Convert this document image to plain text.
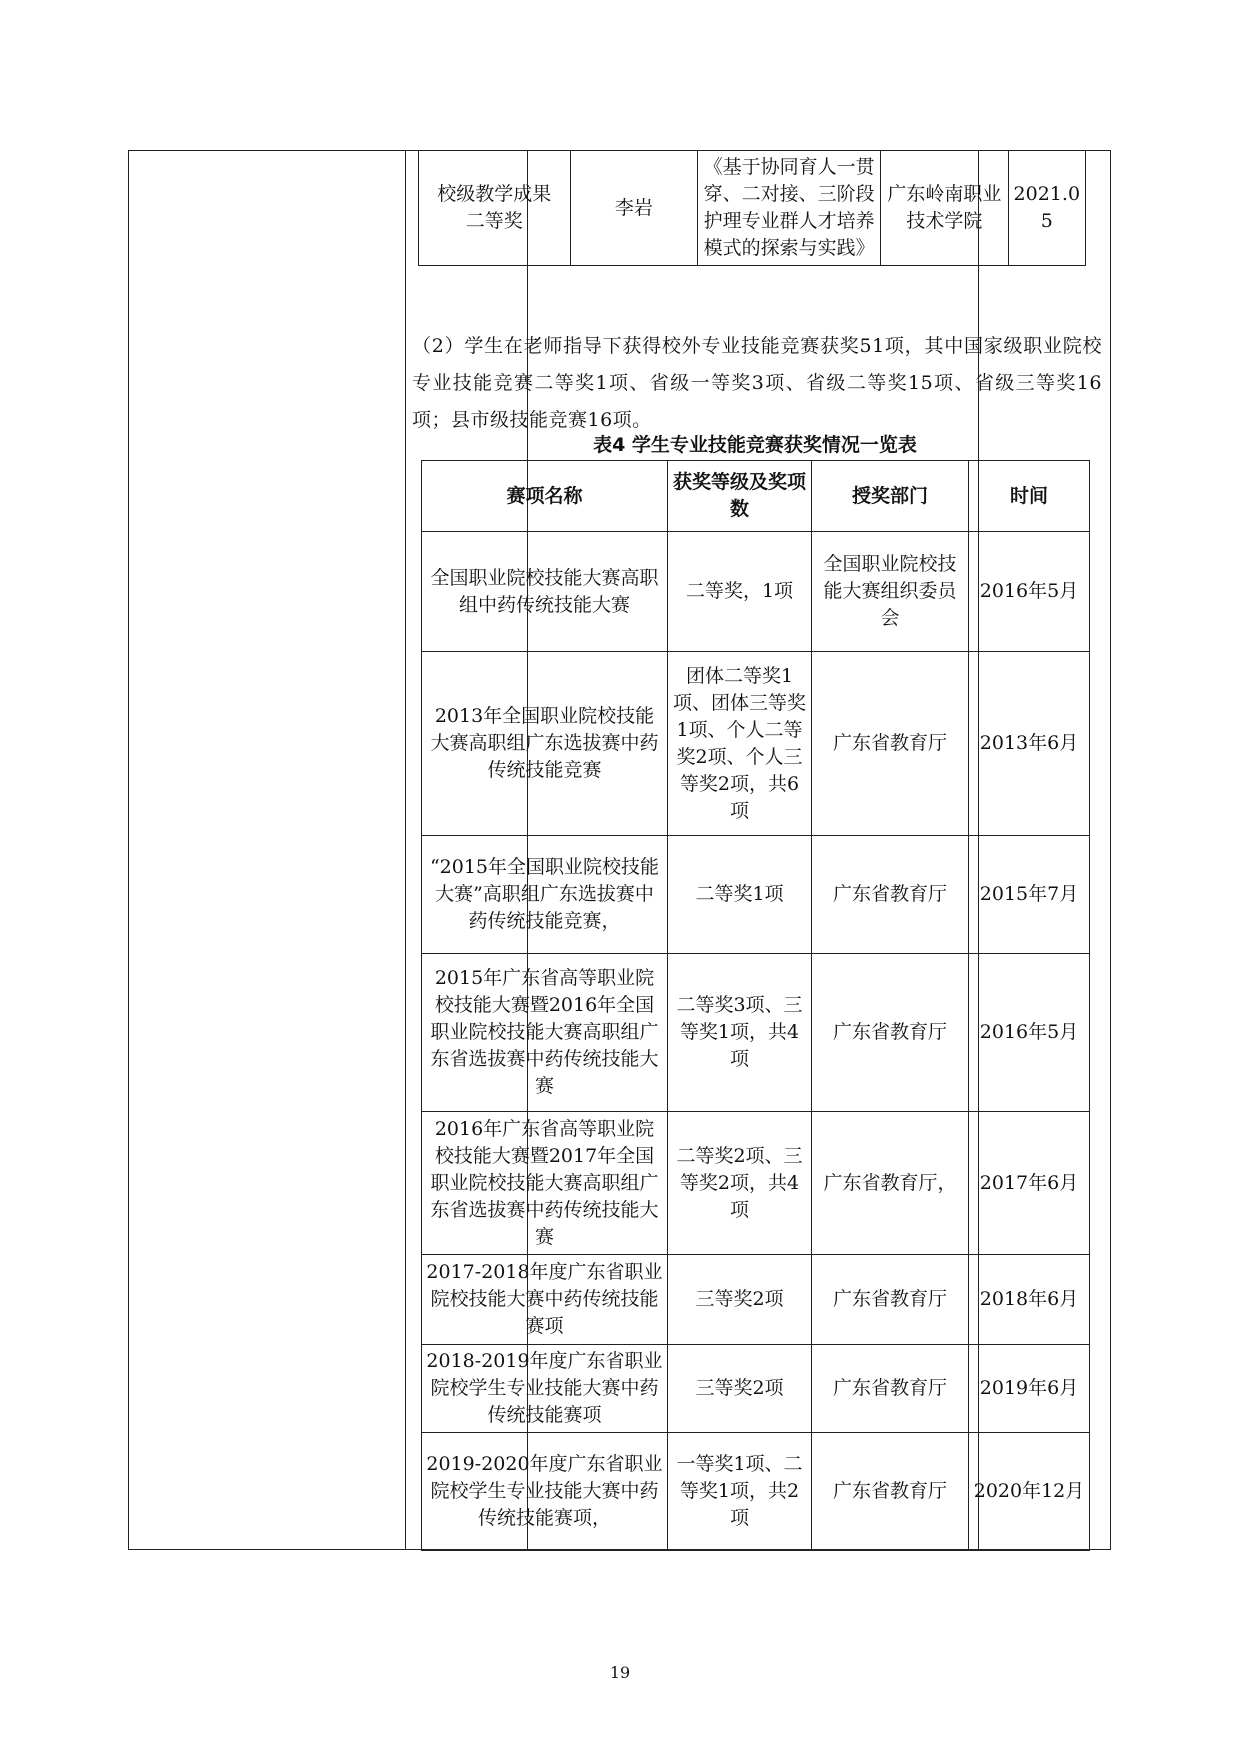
校级教学成果
二等奖	李岩	《基于协同育人一贯穿、二对接、三阶段护理专业群人才培养模式的探索与实践》	广东岭南职业技术学院	2021.05
（2）学生在老师指导下获得校外专业技能竞赛获奖51项，其中国家级职业院校专业技能竞赛二等奖1项、省级一等奖3项、省级二等奖15项、省级三等奖16项；县市级技能竞赛16项。
表4 学生专业技能竞赛获奖情况一览表
赛项名称	获奖等级及奖项数	授奖部门	时间
全国职业院校技能大赛高职组中药传统技能大赛	二等奖，1项	全国职业院校技能大赛组织委员会	2016年5月
2013年全国职业院校技能大赛高职组广东选拔赛中药传统技能竞赛	团体二等奖1项、团体三等奖1项、个人二等奖2项、个人三等奖2项，共6项	广东省教育厅	2013年6月
“2015年全国职业院校技能大赛”高职组广东选拔赛中药传统技能竞赛，	二等奖1项	广东省教育厅	2015年7月
2015年广东省高等职业院校技能大赛暨2016年全国职业院校技能大赛高职组广东省选拔赛中药传统技能大赛	二等奖3项、三等奖1项，共4项	广东省教育厅	2016年5月
2016年广东省高等职业院校技能大赛暨2017年全国职业院校技能大赛高职组广东省选拔赛中药传统技能大赛	二等奖2项、三等奖2项，共4项	广东省教育厅，	2017年6月
2017-2018年度广东省职业院校技能大赛中药传统技能赛项	三等奖2项	广东省教育厅	2018年6月
2018-2019年度广东省职业院校学生专业技能大赛中药传统技能赛项	三等奖2项	广东省教育厅	2019年6月
2019-2020年度广东省职业院校学生专业技能大赛中药传统技能赛项，	一等奖1项、二等奖1项，共2项	广东省教育厅	2020年12月
19
